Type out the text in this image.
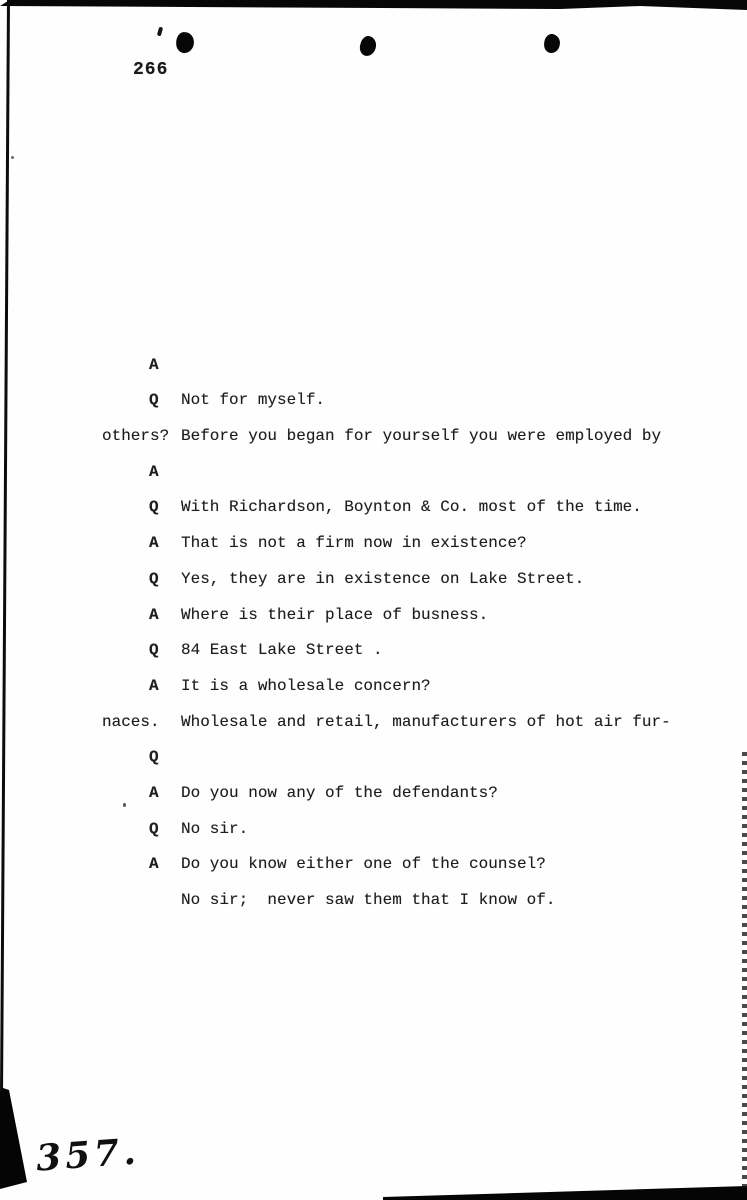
266

A

Not for myself.

Q

Before you began for yourself you were employed by

others?

A

With Richardson, Boynton & Co. most of the time.

Q

That is not a firm now in existence?

A

Yes, they are in existence on Lake Street.

Q

Where is their place of busness.

A

84 East Lake Street .

Q

It is a wholesale concern?

A

Wholesale and retail, manufacturers of hot air fur-

naces.

Q

Do you now any of the defendants?

A

No sir.

Q

Do you know either one of the counsel?

A

No sir;  never saw them that I know of.

357.
